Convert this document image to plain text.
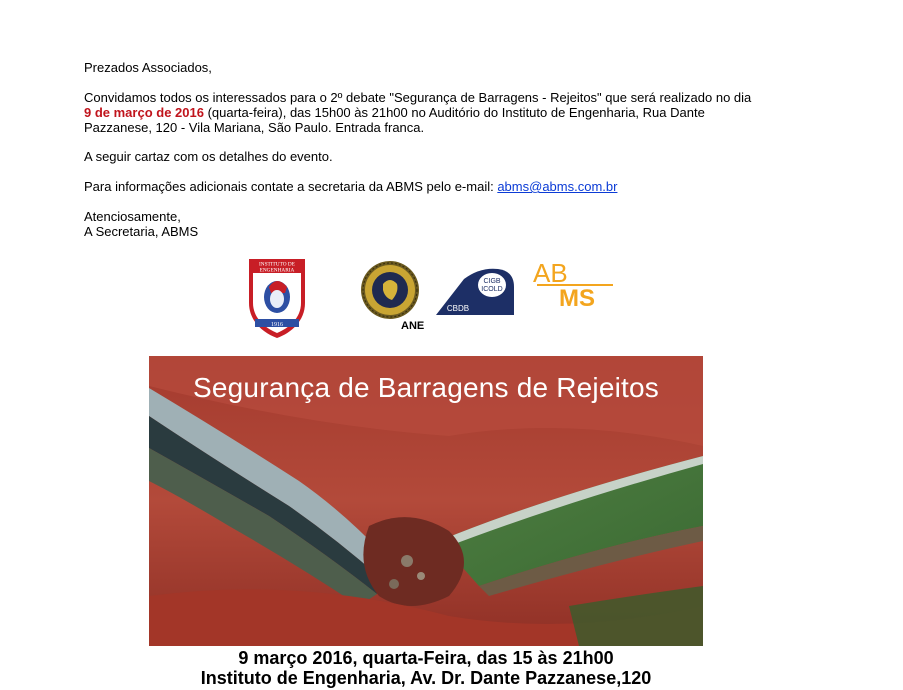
Prezados Associados,
Convidamos todos os interessados para o 2º debate "Segurança de Barragens - Rejeitos" que será realizado no dia
9 de março de 2016 (quarta-feira), das 15h00 às 21h00 no Auditório do Instituto de Engenharia, Rua Dante Pazzanese, 120 - Vila Mariana, São Paulo. Entrada franca.
A seguir cartaz com os detalhes do evento.
Para informações adicionais contate a secretaria da ABMS pelo e-mail: abms@abms.com.br
Atenciosamente,
A Secretaria, ABMS
INSTITUTO DE
ENGENHARIA
1916	ANE
CIGB
ICOLD
CBDB
AB
MS
Segurança de Barragens de Rejeitos
9 março 2016, quarta-Feira, das 15 às 21h00
Instituto de Engenharia, Av. Dr. Dante Pazzanese,120
